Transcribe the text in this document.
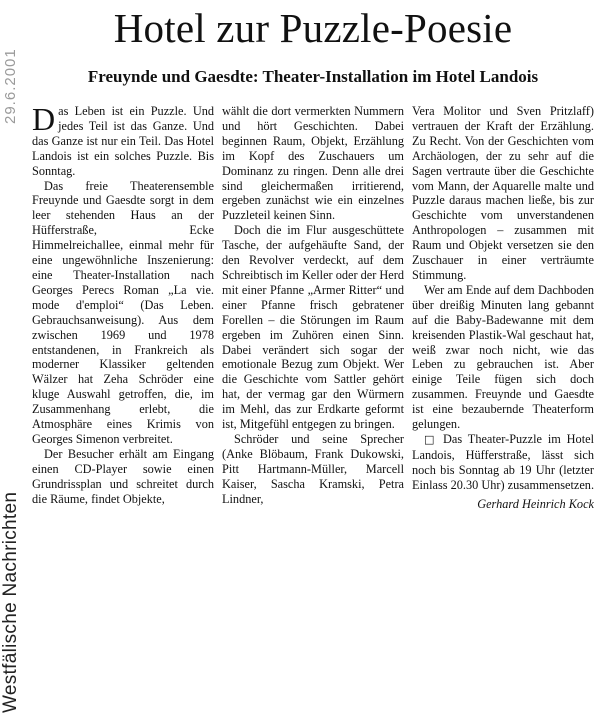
29.6.2001
Westfälische Nachrichten
Hotel zur Puzzle-Poesie
Freuynde und Gaesdte: Theater-Installation im Hotel Landois

Das Leben ist ein Puzzle. Und jedes Teil ist das Ganze. Und das Ganze ist nur ein Teil. Das Hotel Landois ist ein solches Puzzle. Bis Sonntag.

Das freie Theaterensemble Freuynde und Gaesdte sorgt in dem leer stehenden Haus an der Hüfferstraße, Ecke Himmelreichallee, einmal mehr für eine ungewöhnliche Inszenierung: eine Theater-Installation nach Georges Perecs Roman „La vie. mode d'emploi“ (Das Leben. Gebrauchsanweisung). Aus dem zwischen 1969 und 1978 entstandenen, in Frankreich als moderner Klassiker geltenden Wälzer hat Zeha Schröder eine kluge Auswahl getroffen, die, im Zusammenhang erlebt, die Atmosphäre eines Krimis von Georges Simenon verbreitet.

Der Besucher erhält am Eingang einen CD-Player sowie einen Grundrissplan und schreitet durch die Räume, findet Objekte,

wählt die dort vermerkten Nummern und hört Geschichten. Dabei beginnen Raum, Objekt, Erzählung im Kopf des Zuschauers um Dominanz zu ringen. Denn alle drei sind gleichermaßen irritierend, ergeben zunächst wie ein einzelnes Puzzleteil keinen Sinn.

Doch die im Flur ausgeschüttete Tasche, der aufgehäufte Sand, der den Revolver verdeckt, auf dem Schreibtisch im Keller oder der Herd mit einer Pfanne „Armer Ritter“ und einer Pfanne frisch gebratener Forellen – die Störungen im Raum ergeben im Zuhören einen Sinn. Dabei verändert sich sogar der emotionale Bezug zum Objekt. Wer die Geschichte vom Sattler gehört hat, der vermag gar den Würmern im Mehl, das zur Erdkarte geformt ist, Mitgefühl entgegen zu bringen.

Schröder und seine Sprecher (Anke Blöbaum, Frank Dukowski, Pitt Hartmann-Müller, Marcell Kaiser, Sascha Kramski, Petra Lindner,

Vera Molitor und Sven Pritzlaff) vertrauen der Kraft der Erzählung. Zu Recht. Von der Geschichten vom Archäologen, der zu sehr auf die Sagen vertraute über die Geschichte vom Mann, der Aquarelle malte und Puzzle daraus machen ließe, bis zur Geschichte vom unverstandenen Anthropologen – zusammen mit Raum und Objekt versetzen sie den Zuschauer in einer verträumte Stimmung.

Wer am Ende auf dem Dachboden über dreißig Minuten lang gebannt auf die Baby-Badewanne mit dem kreisenden Plastik-Wal geschaut hat, weiß zwar noch nicht, wie das Leben zu gebrauchen ist. Aber einige Teile fügen sich doch zusammen. Freuynde und Gaesdte ist eine bezaubernde Theaterform gelungen.

□ Das Theater-Puzzle im Hotel Landois, Hüfferstraße, lässt sich noch bis Sonntag ab 19 Uhr (letzter Einlass 20.30 Uhr) zusammensetzen.

Gerhard Heinrich Kock
